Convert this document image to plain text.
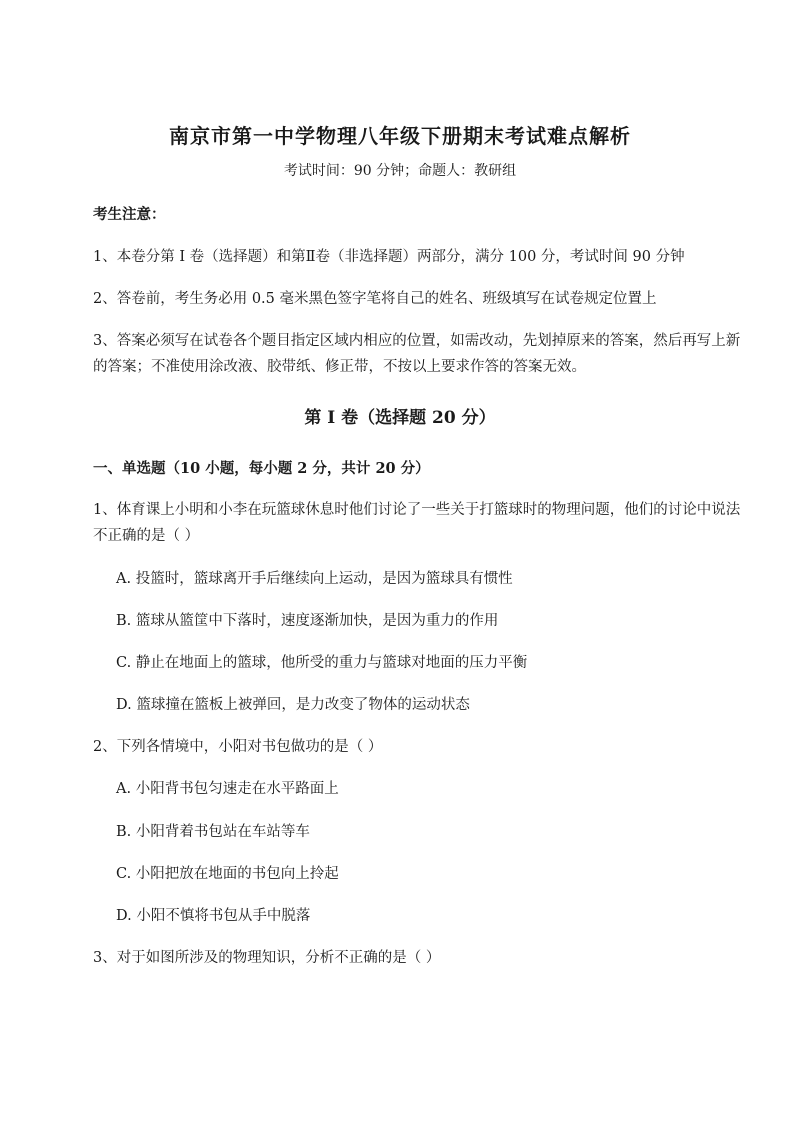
南京市第一中学物理八年级下册期末考试难点解析
考试时间：90 分钟；命题人：教研组
考生注意：
1、本卷分第 I 卷（选择题）和第Ⅱ卷（非选择题）两部分，满分 100 分，考试时间 90 分钟
2、答卷前，考生务必用 0.5 毫米黑色签字笔将自己的姓名、班级填写在试卷规定位置上
3、答案必须写在试卷各个题目指定区域内相应的位置，如需改动，先划掉原来的答案，然后再写上新
的答案；不准使用涂改液、胶带纸、修正带，不按以上要求作答的答案无效。
第 I 卷（选择题 20 分）
一、单选题（10 小题，每小题 2 分，共计 20 分）
1、体育课上小明和小李在玩篮球休息时他们讨论了一些关于打篮球时的物理问题，他们的讨论中说法
不正确的是（ ）
A. 投篮时，篮球离开手后继续向上运动，是因为篮球具有惯性
B. 篮球从篮筐中下落时，速度逐渐加快，是因为重力的作用
C. 静止在地面上的篮球，他所受的重力与篮球对地面的压力平衡
D. 篮球撞在篮板上被弹回，是力改变了物体的运动状态
2、下列各情境中，小阳对书包做功的是（ ）
A. 小阳背书包匀速走在水平路面上
B. 小阳背着书包站在车站等车
C. 小阳把放在地面的书包向上拎起
D. 小阳不慎将书包从手中脱落
3、对于如图所涉及的物理知识，分析不正确的是（ ）
